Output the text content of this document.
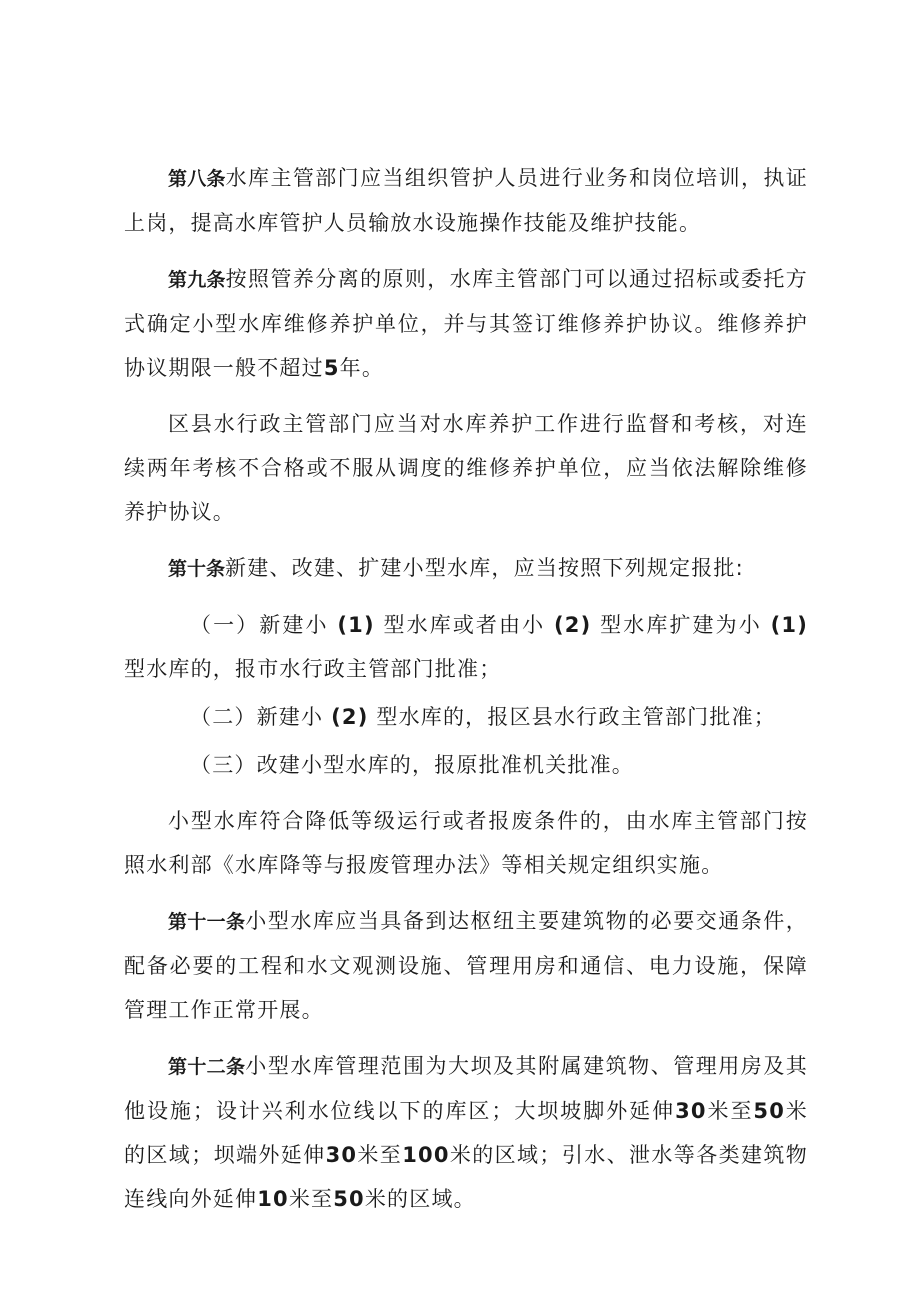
第八条水库主管部门应当组织管护人员进行业务和岗位培训，执证上岗，提高水库管护人员输放水设施操作技能及维护技能。

第九条按照管养分离的原则，水库主管部门可以通过招标或委托方式确定小型水库维修养护单位，并与其签订维修养护协议。维修养护协议期限一般不超过5年。

区县水行政主管部门应当对水库养护工作进行监督和考核，对连续两年考核不合格或不服从调度的维修养护单位，应当依法解除维修养护协议。

第十条新建、改建、扩建小型水库，应当按照下列规定报批:

（一）新建小 (1) 型水库或者由小 (2) 型水库扩建为小 (1) 型水库的，报市水行政主管部门批准；

（二）新建小 (2) 型水库的，报区县水行政主管部门批准；

（三）改建小型水库的，报原批准机关批准。

小型水库符合降低等级运行或者报废条件的，由水库主管部门按照水利部《水库降等与报废管理办法》等相关规定组织实施。

第十一条小型水库应当具备到达枢纽主要建筑物的必要交通条件，配备必要的工程和水文观测设施、管理用房和通信、电力设施，保障管理工作正常开展。

第十二条小型水库管理范围为大坝及其附属建筑物、管理用房及其他设施；设计兴利水位线以下的库区；大坝坡脚外延伸30米至50米的区域；坝端外延伸30米至100米的区域；引水、泄水等各类建筑物连线向外延伸10米至50米的区域。
